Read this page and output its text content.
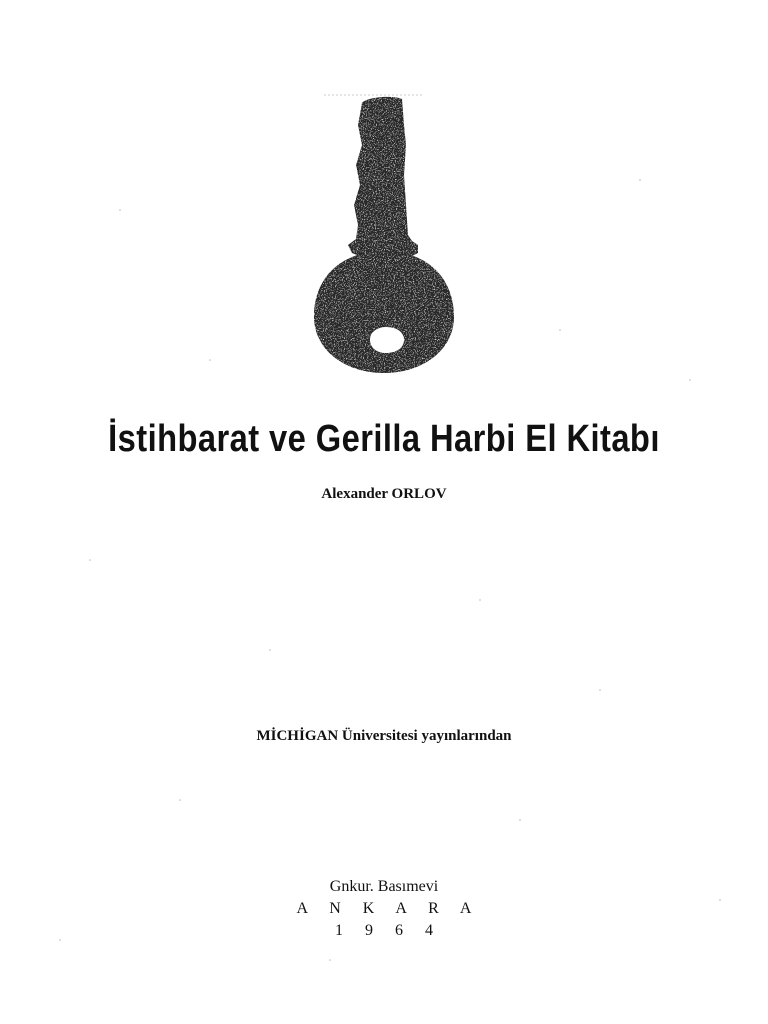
İstihbarat ve Gerilla Harbi El Kitabı
Alexander ORLOV
MİCHİGAN Üniversitesi yayınlarından
Gnkur. Basımevi
A N K A R A
1 9 6 4
